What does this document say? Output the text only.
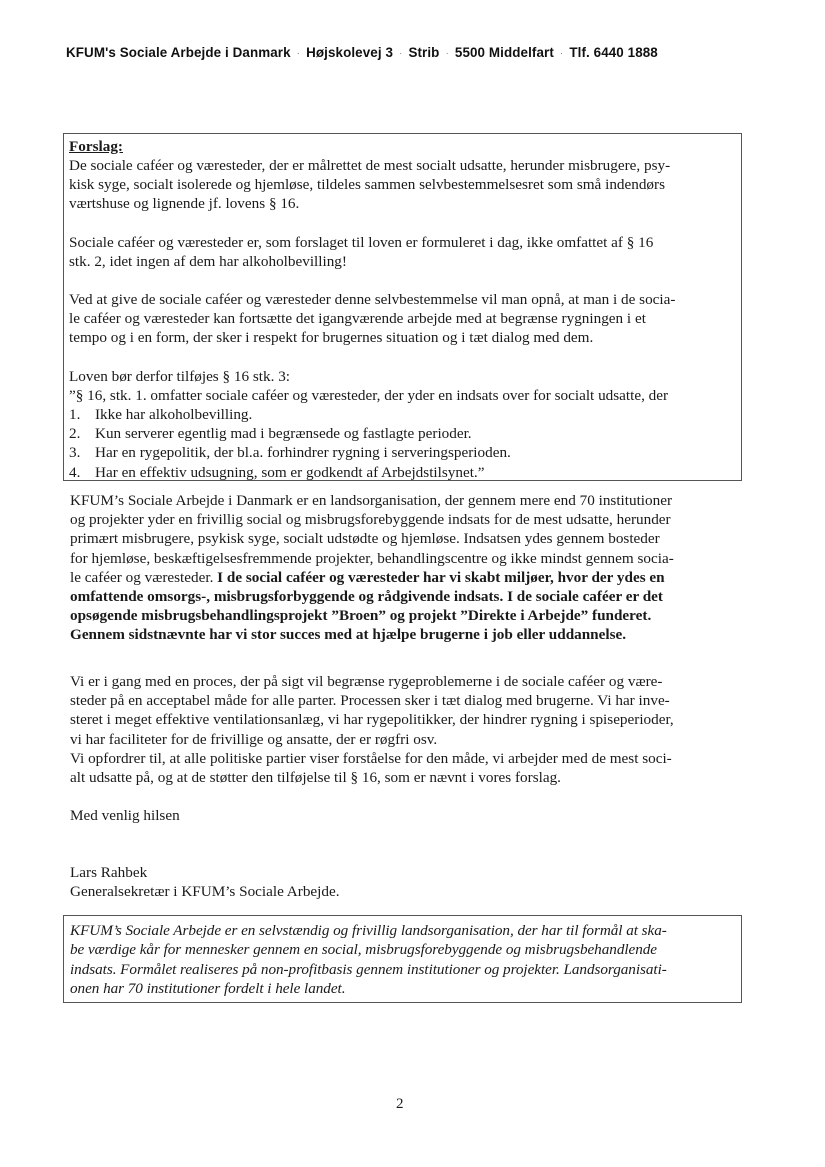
KFUM's Sociale Arbejde i Danmark · Højskolevej 3 · Strib · 5500 Middelfart · Tlf. 6440 1888
Forslag:
De sociale caféer og væresteder, der er målrettet de mest socialt udsatte, herunder misbrugere, psy-
kisk syge, socialt isolerede og hjemløse, tildeles sammen selvbestemmelsesret som små indendørs
værtshuse og lignende jf. lovens § 16.
Sociale caféer og væresteder er, som forslaget til loven er formuleret i dag, ikke omfattet af § 16
stk. 2, idet ingen af dem har alkoholbevilling!
Ved at give de sociale caféer og væresteder denne selvbestemmelse vil man opnå, at man i de socia-
le caféer og væresteder kan fortsætte det igangværende arbejde med at begrænse rygningen i et
tempo og i en form, der sker i respekt for brugernes situation og i tæt dialog med dem.
Loven bør derfor tilføjes § 16 stk. 3:
”§ 16, stk. 1. omfatter sociale caféer og væresteder, der yder en indsats over for socialt udsatte, der
1. Ikke har alkoholbevilling.
2. Kun serverer egentlig mad i begrænsede og fastlagte perioder.
3. Har en rygepolitik, der bl.a. forhindrer rygning i serveringsperioden.
4. Har en effektiv udsugning, som er godkendt af Arbejdstilsynet.”
KFUM’s Sociale Arbejde i Danmark er en landsorganisation, der gennem mere end 70 institutioner
og projekter yder en frivillig social og misbrugsforebyggende indsats for de mest udsatte, herunder
primært misbrugere, psykisk syge, socialt udstødte og hjemløse. Indsatsen ydes gennem bosteder
for hjemløse, beskæftigelsesfremmende projekter, behandlingscentre og ikke mindst gennem socia-
le caféer og væresteder. I de social caféer og væresteder har vi skabt miljøer, hvor der ydes en
omfattende omsorgs-, misbrugsforbyggende og rådgivende indsats. I de sociale caféer er det
opsøgende misbrugsbehandlingsprojekt ”Broen” og projekt ”Direkte i Arbejde” funderet.
Gennem sidstnævnte har vi stor succes med at hjælpe brugerne i job eller uddannelse.
Vi er i gang med en proces, der på sigt vil begrænse rygeproblemerne i de sociale caféer og være-
steder på en acceptabel måde for alle parter. Processen sker i tæt dialog med brugerne. Vi har inve-
steret i meget effektive ventilationsanlæg, vi har rygepolitikker, der hindrer rygning i spiseperioder,
vi har faciliteter for de frivillige og ansatte, der er røgfri osv.
Vi opfordrer til, at alle politiske partier viser forståelse for den måde, vi arbejder med de mest soci-
alt udsatte på, og at de støtter den tilføjelse til § 16, som er nævnt i vores forslag.
Med venlig hilsen
Lars Rahbek
Generalsekretær i KFUM’s Sociale Arbejde.
KFUM’s Sociale Arbejde er en selvstændig og frivillig landsorganisation, der har til formål at ska-
be værdige kår for mennesker gennem en social, misbrugsforebyggende og misbrugsbehandlende
indsats. Formålet realiseres på non-profitbasis gennem institutioner og projekter. Landsorganisati-
onen har 70 institutioner fordelt i hele landet.
2
